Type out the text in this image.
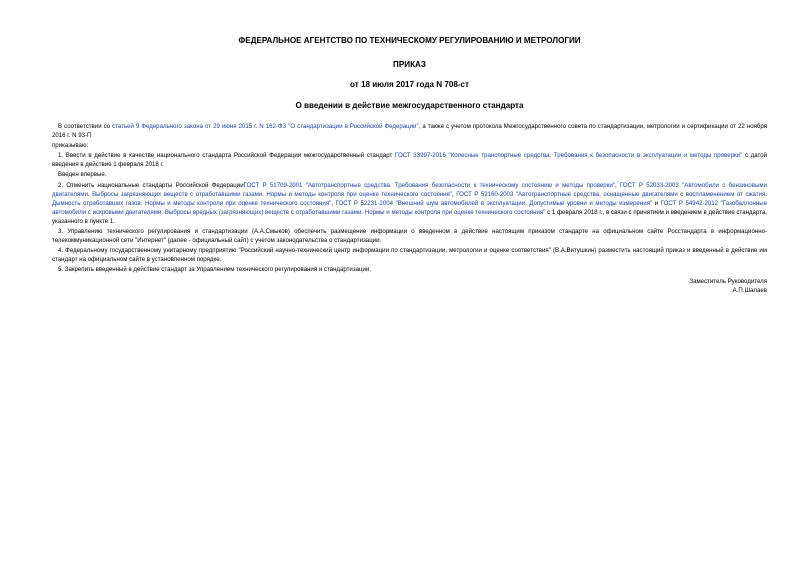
ФЕДЕРАЛЬНОЕ АГЕНТСТВО ПО ТЕХНИЧЕСКОМУ РЕГУЛИРОВАНИЮ И МЕТРОЛОГИИ
ПРИКАЗ
от 18 июля 2017 года N 708-ст
О введении в действие межгосударственного стандарта

В соответствии со статьей 9 Федерального закона от 29 июня 2015 г. N 162-ФЗ "О стандартизации в Российской Федерации", а также с учетом протокола Межгосударственного совета по стандартизации, метрологии и сертификации от 22 ноября 2016 г. N 93-П

приказываю:

1. Ввести в действие в качестве национального стандарта Российской Федерации межгосударственный стандарт ГОСТ 33997-2016 "Колесные транспортные средства. Требования к безопасности в эксплуатации и методы проверки" с датой введения в действие 1 февраля 2018 г.

Введен впервые.

2. Отменить национальные стандарты Российской ФедерацииГОСТ Р 51709-2001 "Автотранспортные средства. Требования безопасности к техническому состоянию и методы проверки", ГОСТ Р 52033-2003 "Автомобили с бензиновыми двигателями. Выбросы загрязняющих веществ с отработавшими газами. Нормы и методы контроля при оценке технического состояния", ГОСТ Р 52160-2003 "Автотранспортные средства, оснащенные двигателями с воспламенением от сжатия. Дымность отработавших газов. Нормы и методы контроля при оценке технического состояния", ГОСТ Р 52231-2004 "Внешний шум автомобилей в эксплуатации. Допустимые уровни и методы измерения" и ГОСТ Р 54942-2012 "Газобаллонные автомобили с искровыми двигателями. Выбросы вредных (загрязняющих) веществ с отработавшими газами. Нормы и методы контроля при оценке технического состояния" с 1 февраля 2018 г., в связи с принятием и введением в действие стандарта, указанного в пункте 1.

3. Управлению технического регулирования и стандартизации (А.А.Смыков) обеспечить размещение информации о введенном в действие настоящим приказом стандарте на официальном сайте Росстандарта в информационно-телекоммуникационной сети "Интернет" (далее - официальный сайт) с учетом законодательства о стандартизации.

4. Федеральному государственному унитарному предприятию "Российский научно-технический центр информации по стандартизации, метрологии и оценке соответствия" (В.А.Витушкин) разместить настоящий приказ и введенный в действие им стандарт на официальном сайте в установленном порядке.

5. Закрепить введенный в действие стандарт за Управлением технического регулирования и стандартизации.

Заместитель Руководителя
А.П.Шалаев
